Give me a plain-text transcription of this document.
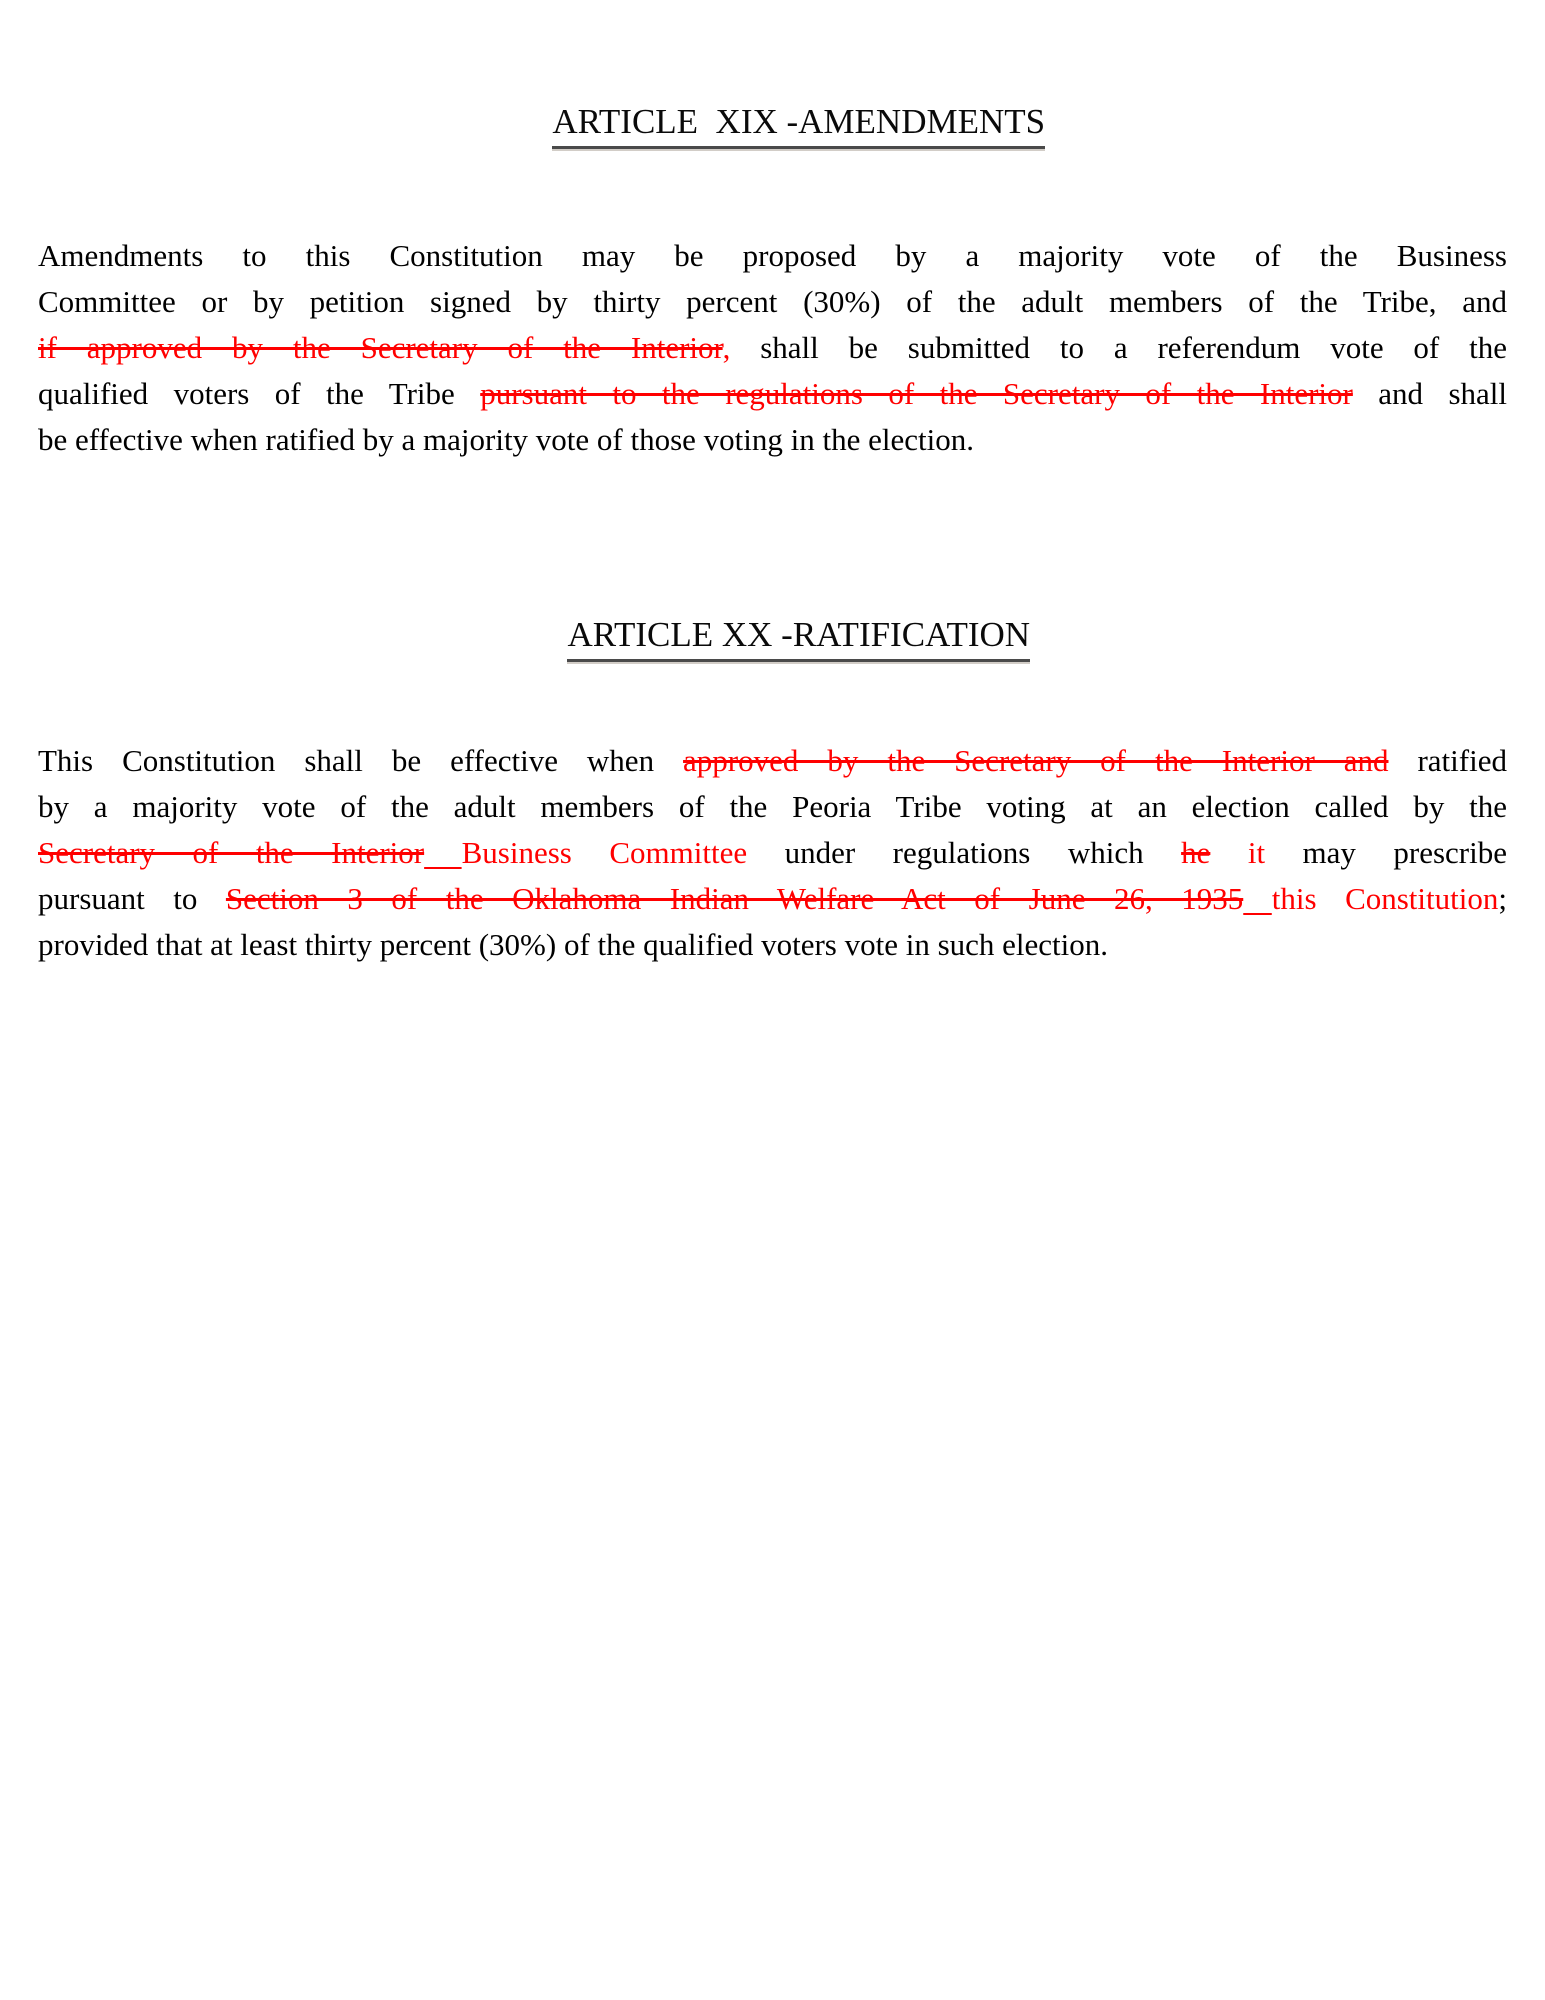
ARTICLE  XIX -AMENDMENTS

Amendments to this Constitution may be proposed by a majority vote of the Business
Committee or by petition signed by thirty percent (30%) of the adult members of the Tribe, and
if approved by the Secretary of the Interior, shall be submitted to a referendum vote of the
qualified voters of the Tribe pursuant to the regulations of the Secretary of the Interior and shall
be effective when ratified by a majority vote of those voting in the election.

ARTICLE XX -RATIFICATION

This Constitution shall be effective when approved by the Secretary of the Interior and ratified
by a majority vote of the adult members of the Peoria Tribe voting at an election called by the
Secretary of the Interior Business Committee under regulations which he it may prescribe
pursuant to Section 3 of the Oklahoma Indian Welfare Act of June 26, 1935 this Constitution;
provided that at least thirty percent (30%) of the qualified voters vote in such election.
